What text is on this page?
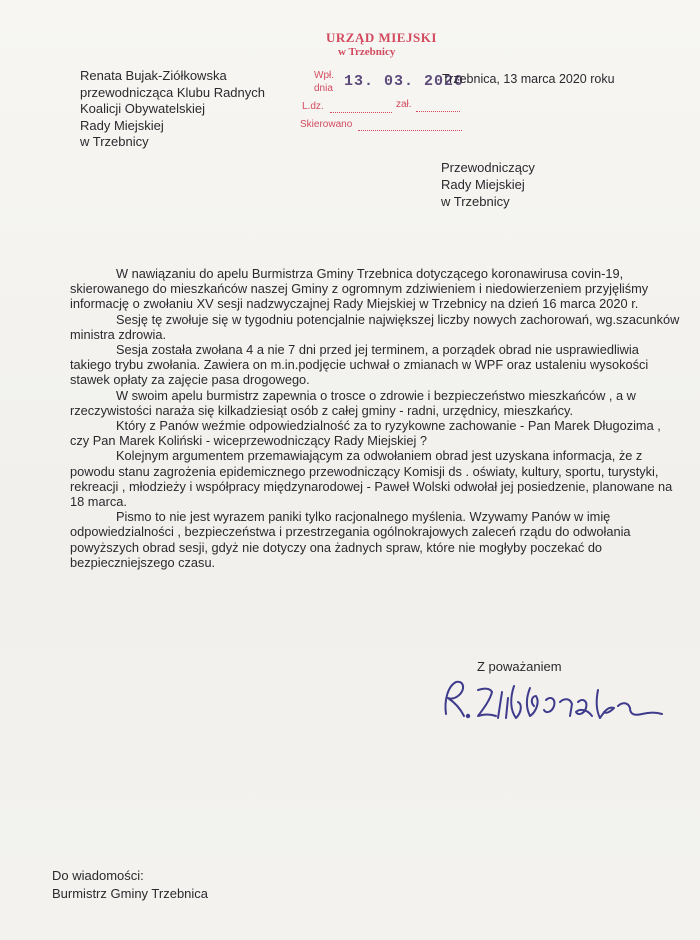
Renata Bujak-Ziółkowska
przewodnicząca Klubu Radnych
Koalicji Obywatelskiej
Rady Miejskiej
w Trzebnicy
URZĄD MIEJSKI
w Trzebnicy
Wpł.
dnia 13. 03. 2020
L.dz.	zał.
Skierowano
Trzebnica, 13 marca 2020 roku
Przewodniczący
Rady Miejskiej
w Trzebnicy

W nawiązaniu do apelu Burmistrza Gminy Trzebnica dotyczącego koronawirusa covin-19, skierowanego do mieszkańców naszej Gminy z ogromnym zdziwieniem i niedowierzeniem przyjęliśmy informację o zwołaniu XV sesji nadzwyczajnej Rady Miejskiej w Trzebnicy na dzień 16 marca 2020 r.

Sesję tę zwołuje się w tygodniu potencjalnie największej liczby nowych zachorowań, wg.szacunków ministra zdrowia.

Sesja została zwołana 4 a nie 7 dni przed jej terminem, a porządek obrad nie usprawiedliwia takiego trybu zwołania. Zawiera on m.in.podjęcie uchwał o zmianach w WPF oraz ustaleniu wysokości stawek opłaty za zajęcie pasa drogowego.

W swoim apelu burmistrz zapewnia o trosce o zdrowie i bezpieczeństwo mieszkańców , a w rzeczywistości naraża się kilkadziesiąt osób z całej gminy - radni, urzędnicy, mieszkańcy.

Który z Panów weźmie odpowiedzialność za to ryzykowne zachowanie - Pan Marek Długozima , czy Pan Marek Koliński - wiceprzewodniczący Rady Miejskiej ?

Kolejnym argumentem przemawiającym za odwołaniem obrad jest uzyskana informacja, że z powodu stanu zagrożenia epidemicznego przewodniczący Komisji ds . oświaty, kultury, sportu, turystyki, rekreacji , młodzieży i współpracy międzynarodowej - Paweł Wolski odwołał jej posiedzenie, planowane na 18 marca.

Pismo to nie jest wyrazem paniki tylko racjonalnego myślenia. Wzywamy Panów w imię odpowiedzialności , bezpieczeństwa i przestrzegania ogólnokrajowych zaleceń rządu do odwołania powyższych obrad sesji, gdyż nie dotyczy ona żadnych spraw, które nie mogłyby poczekać do bezpieczniejszego czasu.

Z poważaniem
Do wiadomości:
Burmistrz Gminy Trzebnica
